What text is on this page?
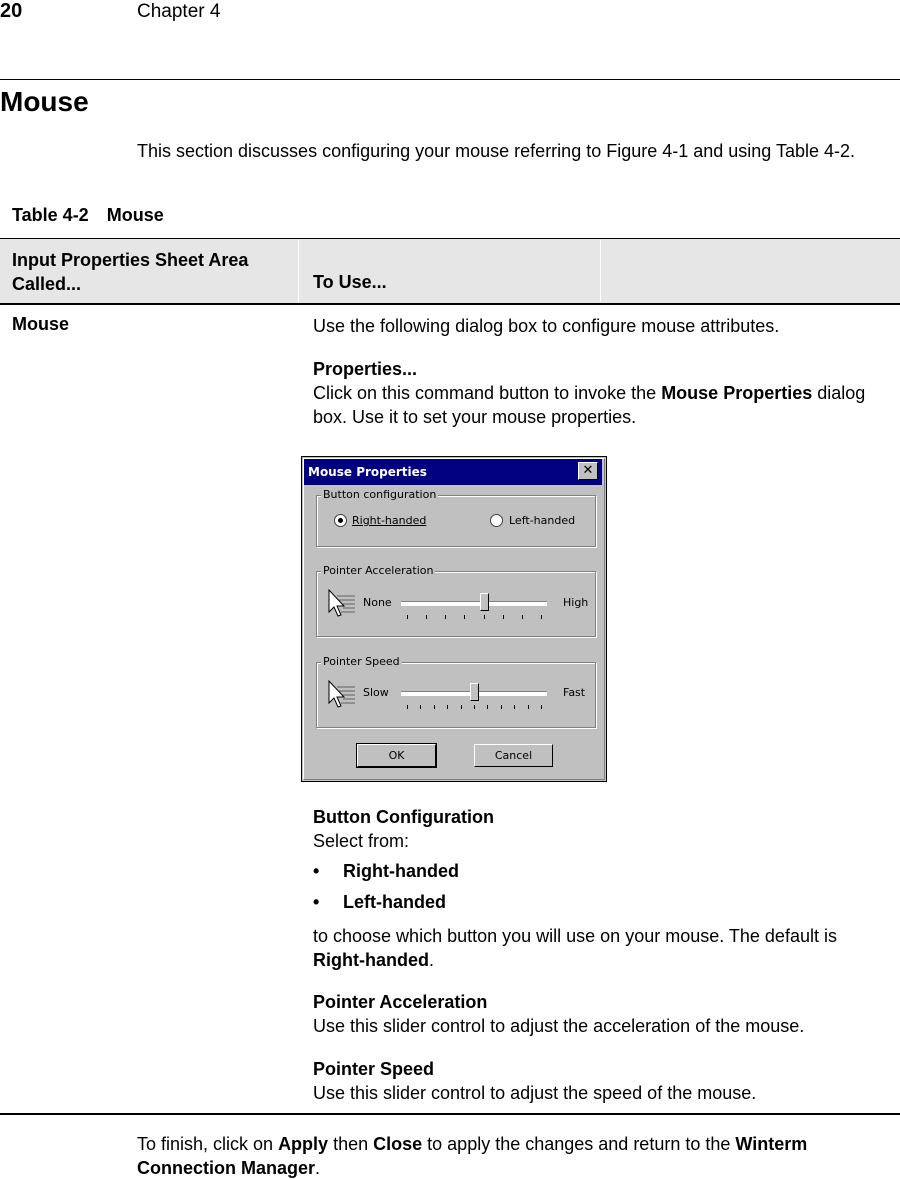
20	Chapter 4
Mouse
This section discusses configuring your mouse referring to Figure 4-1 and using Table 4-2.
Table 4-2 Mouse
Input Properties Sheet Area Called...	To Use...
Mouse	Use the following dialog box to configure mouse attributes.
Properties...
Click on this command button to invoke the Mouse Properties dialog box. Use it to set your mouse properties.
Mouse Properties	✕
Button configuration
Right-handed	Left-handed
Pointer Acceleration
None	High
Pointer Speed
Slow	Fast
OK	Cancel
Button Configuration
Select from:
• Right-handed
• Left-handed
to choose which button you will use on your mouse. The default is Right-handed.
Pointer Acceleration
Use this slider control to adjust the acceleration of the mouse.
Pointer Speed
Use this slider control to adjust the speed of the mouse.
To finish, click on Apply then Close to apply the changes and return to the Winterm Connection Manager.
